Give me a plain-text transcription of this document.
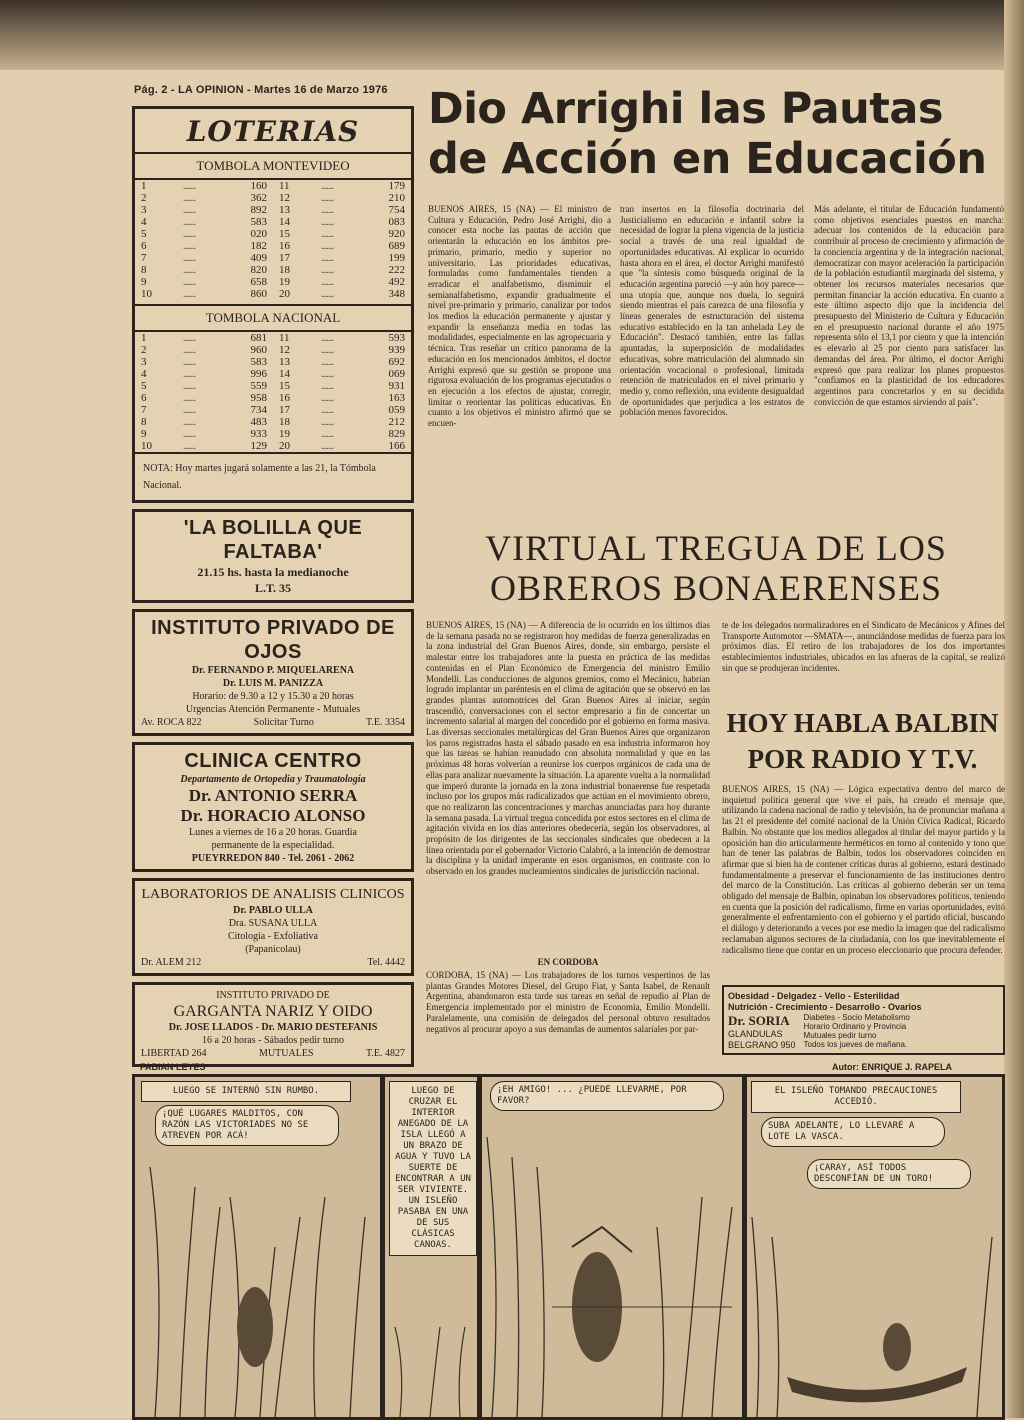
Pág. 2 - LA OPINION - Martes 16 de Marzo 1976
LOTERIAS
TOMBOLA MONTEVIDEO
1	.......	160	11	.......	179
2	.......	362	12	.......	210
3	.......	892	13	.......	754
4	.......	583	14	.......	083
5	.......	020	15	.......	920
6	.......	182	16	.......	689
7	.......	409	17	.......	199
8	.......	820	18	.......	222
9	.......	658	19	.......	492
10	.......	860	20	.......	348
TOMBOLA NACIONAL
1	.......	681	11	.......	593
2	.......	960	12	.......	939
3	.......	583	13	.......	692
4	.......	996	14	.......	069
5	.......	559	15	.......	931
6	.......	958	16	.......	163
7	.......	734	17	.......	059
8	.......	483	18	.......	212
9	.......	933	19	.......	829
10	.......	129	20	.......	166
NOTA: Hoy martes jugará solamente a las 21, la Tómbola Nacional.
'LA BOLILLA QUE FALTABA'
21.15 hs. hasta la medianoche
L.T. 35
INSTITUTO PRIVADO DE OJOS
Dr. FERNANDO P. MIQUELARENA
Dr. LUIS M. PANIZZA
Horario: de 9.30 a 12 y 15.30 a 20 horas
Urgencias Atención Permanente - Mutuales
Av. ROCA 822	Solicitar Turno	T.E. 3354
CLINICA CENTRO
Departamento de Ortopedia y Traumatología
Dr. ANTONIO SERRA
Dr. HORACIO ALONSO
Lunes a viernes de 16 a 20 horas. Guardia
permanente de la especialidad.
PUEYRREDON 840 - Tel. 2061 - 2062
LABORATORIOS DE ANALISIS CLINICOS
Dr. PABLO ULLA
Dra. SUSANA ULLA
Citología - Exfoliativa
(Papanicolau)
Dr. ALEM 212	Tel. 4442
INSTITUTO PRIVADO DE
GARGANTA NARIZ Y OIDO
Dr. JOSE LLADOS - Dr. MARIO DESTEFANIS
16 a 20 horas - Sábados pedir turno
LIBERTAD 264	MUTUALES	T.E. 4827
Dio Arrighi las Pautas
de Acción en Educación
BUENOS AIRES, 15 (NA) — El ministro de Cultura y Educación, Pedro José Arrighi, dio a conocer esta noche las pautas de acción que orientarán la educación en los ámbitos pre-primario, primario, medio y superior no universitario. Las prioridades educativas, formuladas como fundamentales tienden a erradicar el analfabetismo, disminuir el semianalfabetismo, expandir gradualmente el nivel pre-primario y primario, canalizar por todos los medios la educación permanente y ajustar y expandir la enseñanza media en todas las modalidades, especialmente en las agropecuaria y técnica. Tras reseñar un crítico panorama de la educación en los mencionados ámbitos, el doctor Arrighi expresó que su gestión se propone una rigurosa evaluación de los programas ejecutados o en ejecución a los efectos de ajustar, corregir, limitar o reorientar las políticas educativas. En cuanto a los objetivos el ministro afirmó que se encuen-
tran insertos en la filosofía doctrinaria del Justicialismo en educación e infantil sobre la necesidad de lograr la plena vigencia de la justicia social a través de una real igualdad de oportunidades educativas. Al explicar lo ocurrido hasta ahora en el área, el doctor Arrighi manifestó que "la síntesis como búsqueda original de la educación argentina pareció —y aún hoy parece— una utopía que, aunque nos duela, lo seguirá siendo mientras el país carezca de una filosofía y líneas generales de estructuración del sistema educativo establecido en la tan anhelada Ley de Educación". Destacó también, entre las fallas apuntadas, la superposición de modalidades educativas, sobre matriculación del alumnado sin orientación vocacional o profesional, limitada retención de matriculados en el nivel primario y medio y, como reflexión, una evidente desigualdad de oportunidades que perjudica a los estratos de población menos favorecidos.
Más adelante, el titular de Educación fundamentó como objetivos esenciales puestos en marcha: adecuar los contenidos de la educación para contribuir al proceso de crecimiento y afirmación de la conciencia argentina y de la integración nacional, democratizar con mayor aceleración la participación de la población estudiantil marginada del sistema, y obtener los recursos materiales necesarios que permitan financiar la acción educativa. En cuanto a este último aspecto dijo que la incidencia del presupuesto del Ministerio de Cultura y Educación en el presupuesto nacional durante el año 1975 representa sólo el 13,1 por ciento y que la intención es elevarlo al 25 por ciento para satisfacer las demandas del área. Por último, el doctor Arrighi expresó que para realizar los planes propuestos "confiamos en la plasticidad de los educadores argentinos para concretarlos y en su decidida convicción de que estamos sirviendo al país".
VIRTUAL TREGUA DE LOS
OBREROS BONAERENSES
BUENOS AIRES, 15 (NA) — A diferencia de lo ocurrido en los últimos días de la semana pasada no se registraron hoy medidas de fuerza generalizadas en la zona industrial del Gran Buenos Aires, donde, sin embargo, persiste el malestar entre los trabajadores ante la puesta en práctica de las medidas contenidas en el Plan Económico de Emergencia del ministro Emilio Mondelli. Las conducciones de algunos gremios, como el Mecánico, habrían logrado implantar un paréntesis en el clima de agitación que se observó en las grandes plantas automotrices del Gran Buenos Aires al iniciar, según trascendió, conversaciones con el sector empresario a fin de concertar un incremento salarial al margen del concedido por el gobierno en forma masiva. Las diversas seccionales metalúrgicas del Gran Buenos Aires que organizaron los paros registrados hasta el sábado pasado en esa industria informaron hoy que las tareas se habían reanudado con absoluta normalidad y que en las próximas 48 horas volverían a reunirse los cuerpos orgánicos de cada una de ellas para analizar nuevamente la situación. La aparente vuelta a la normalidad que imperó durante la jornada en la zona industrial bonaerense fue respetada incluso por los grupos más radicalizados que actúan en el movimiento obrero, que no realizaron las concentraciones y marchas anunciadas para hoy durante la semana pasada. La virtual tregua concedida por estos sectores en el clima de agitación vivida en los días anteriores obedecería, según los observadores, al propósito de los dirigentes de las seccionales sindicales que obedecen a la línea orientada por el gobernador Victorio Calabró, a la intención de demostrar la disciplina y la unidad imperante en esos organismos, en contraste con lo observado en los grandes nucleamientos sindicales de jurisdicción nacional.
EN CORDOBA
CORDOBA, 15 (NA) — Los trabajadores de los turnos vespertinos de las plantas Grandes Motores Diesel, del Grupo Fiat, y Santa Isabel, de Renault Argentina, abandonaron esta tarde sus tareas en señal de repudio al Plan de Emergencia implementado por el ministro de Economía, Emilio Mondelli. Paralelamente, una comisión de delegados del personal obtuvo resultados negativos al procurar apoyo a sus demandas de aumentos salariales por par-
te de los delegados normalizadores en el Sindicato de Mecánicos y Afines del Transporte Automotor —SMATA—, anunciándose medidas de fuerza para los próximos días. El retiro de los trabajadores de los dos importantes establecimientos industriales, ubicados en las afueras de la capital, se realizó sin que se produjeran incidentes.
HOY HABLA BALBIN
POR RADIO Y T.V.
BUENOS AIRES, 15 (NA) — Lógica expectativa dentro del marco de inquietud política general que vive el país, ha creado el mensaje que, utilizando la cadena nacional de radio y televisión, ha de pronunciar mañana a las 21 el presidente del comité nacional de la Unión Cívica Radical, Ricardo Balbín. No obstante que los medios allegados al titular del mayor partido y la oposición han dio articularmente herméticos en torno al contenido y tono que han de tener las palabras de Balbín, todos los observadores coinciden en afirmar que si bien ha de contener críticas duras al gobierno, estará destinado fundamentalmente a preservar el funcionamiento de las instituciones dentro del marco de la Constitución. Las críticas al gobierno deberán ser un tema obligado del mensaje de Balbín, opinaban los observadores políticos, teniendo en cuenta que la posición del radicalismo, firme en varias oportunidades, evitó generalmente el enfrentamiento con el gobierno y el partido oficial, buscando el diálogo y deteriorando a veces por ese medio la imagen que del radicalismo reclamaban algunos sectores de la ciudadanía, con los que inevitablemente el radicalismo tiene que contar en un proceso eleccionario que procura defender.
Obesidad - Delgadez - Vello - Esterilidad
Nutrición - Crecimiento - Desarrollo - Ovarios
Dr. SORIA
GLANDULAS
BELGRANO 950
Diabetes - Socio Metabolismo
Horario Ordinario y Provincia
Mutuales pedir turno
Todos los jueves de mañana.
FABIAN LEYES	Autor: ENRIQUE J. RAPELA
LUEGO SE INTERNÓ SIN RUMBO.
¡QUÉ LUGARES MALDITOS, CON RAZÓN LAS VICTORIADES NO SE ATREVEN POR ACÁ!
LUEGO DE CRUZAR EL INTERIOR ANEGADO DE LA ISLA LLEGÓ A UN BRAZO DE AGUA Y TUVO LA SUERTE DE ENCONTRAR A UN SER VIVIENTE. UN ISLEÑO PASABA EN UNA DE SUS CLÁSICAS CANOAS.
¡EH AMIGO! ... ¿PUEDE LLEVARME, POR FAVOR?
EL ISLEÑO TOMANDO PRECAUCIONES ACCEDIÓ.
SUBA ADELANTE, LO LLEVARÉ A LOTE LA VASCA.
¡CARAY, ASÍ TODOS DESCONFÍAN DE UN TORO!
